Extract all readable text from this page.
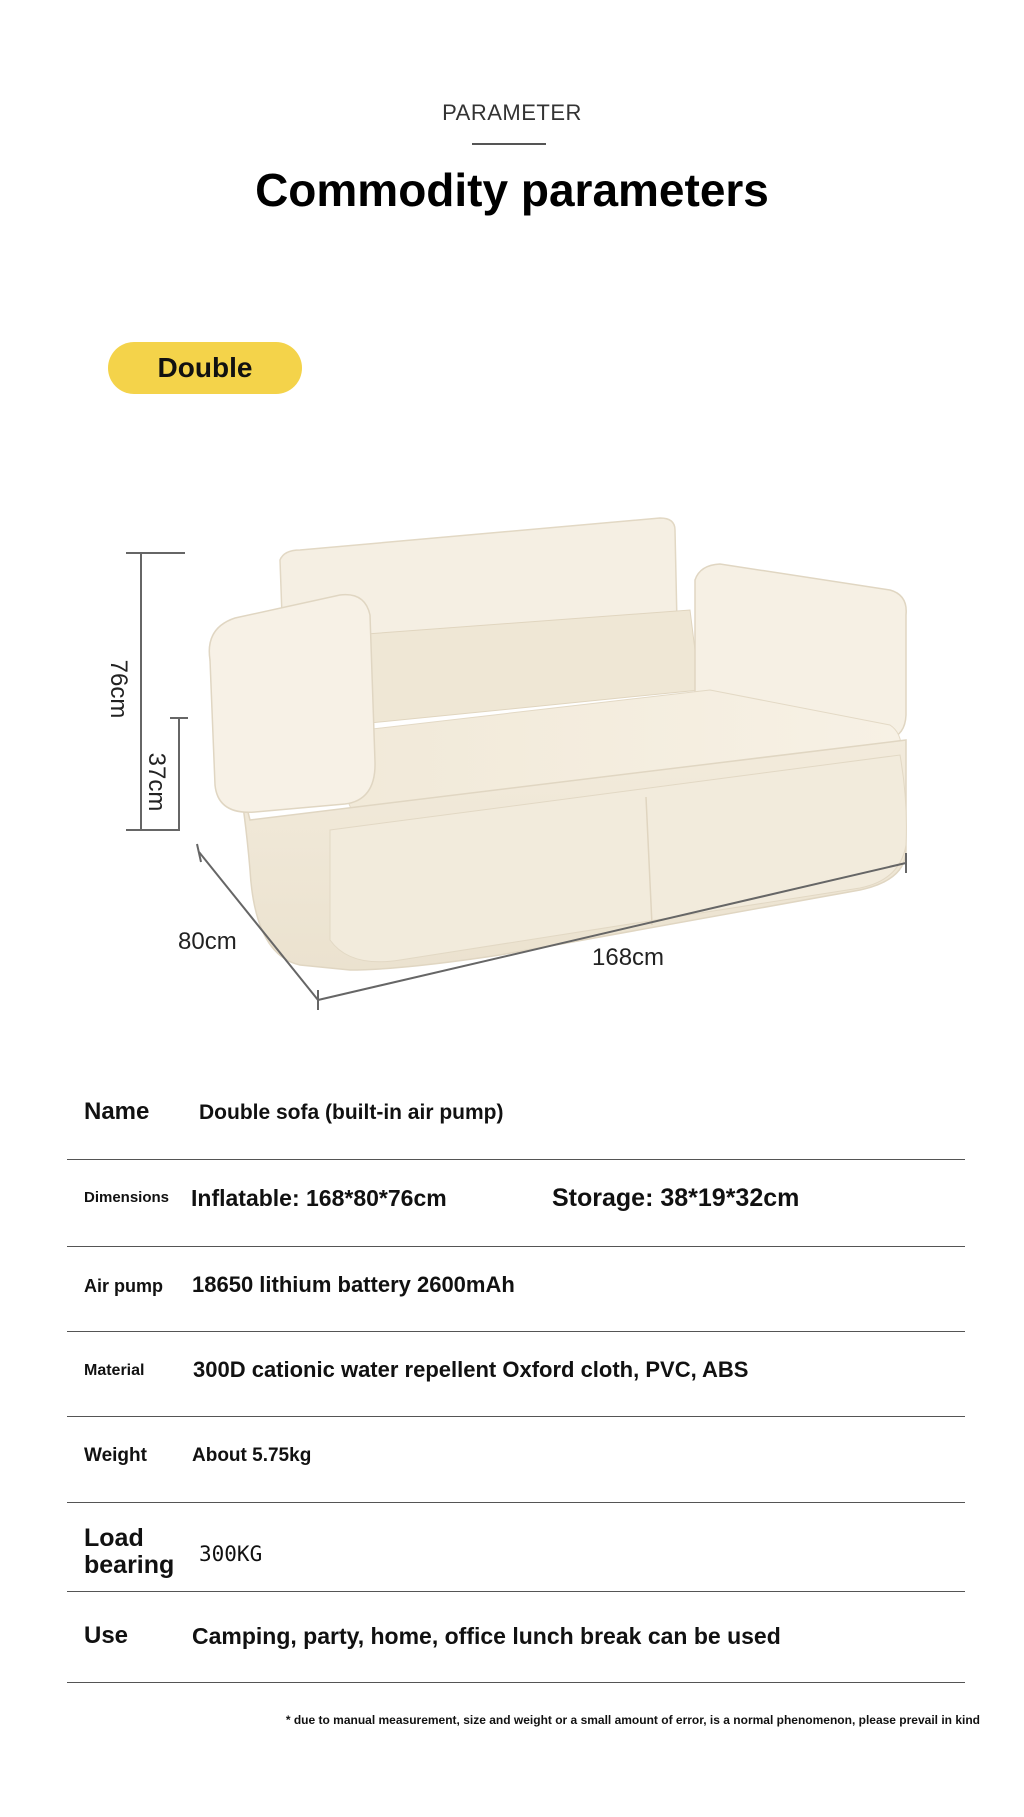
PARAMETER
Commodity parameters
Double
76cm
37cm
80cm
168cm
Name Double sofa (built-in air pump)
Dimensions Inflatable: 168*80*76cm	Storage: 38*19*32cm
Air pump 18650 lithium battery 2600mAh
Material 300D cationic water repellent Oxford cloth, PVC, ABS
Weight About 5.75kg
Load
bearing 300KG
Use	Camping, party, home, office lunch break can be used
* due to manual measurement, size and weight or a small amount of error, is a normal phenomenon, please prevail in kind
